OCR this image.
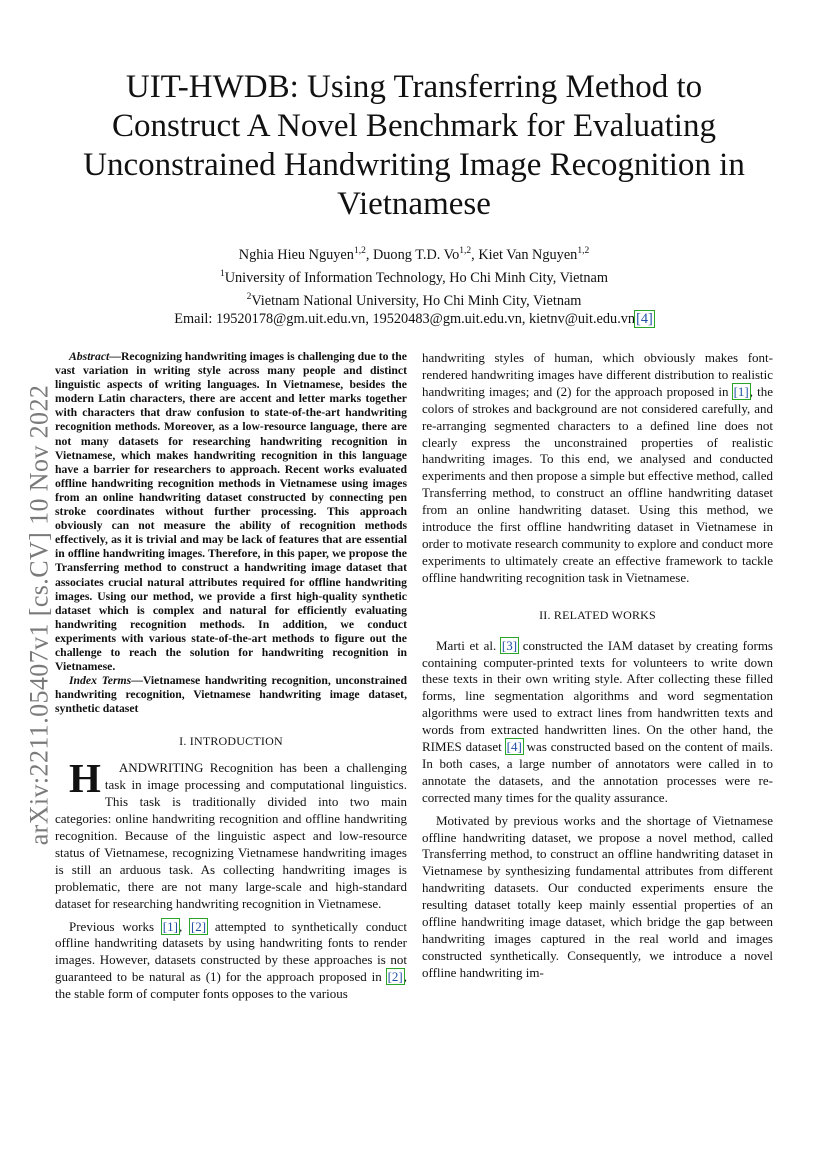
arXiv:2211.05407v1 [cs.CV] 10 Nov 2022
UIT-HWDB: Using Transferring Method to Construct A Novel Benchmark for Evaluating Unconstrained Handwriting Image Recognition in Vietnamese
Nghia Hieu Nguyen$^{1,2}$, Duong T.D. Vo$^{1,2}$, Kiet Van Nguyen$^{1,2}$
$^1$University of Information Technology, Ho Chi Minh City, Vietnam
$^2$Vietnam National University, Ho Chi Minh City, Vietnam
Email: 19520178@gm.uit.edu.vn, 19520483@gm.uit.edu.vn, kietnv@uit.edu.vn[4]

Abstract—Recognizing handwriting images is challenging due to the vast variation in writing style across many people and distinct linguistic aspects of writing languages. In Vietnamese, besides the modern Latin characters, there are accent and letter marks together with characters that draw confusion to state-of-the-art handwriting recognition methods. Moreover, as a low-resource language, there are not many datasets for researching handwriting recognition in Vietnamese, which makes handwriting recognition in this language have a barrier for researchers to approach. Recent works evaluated offline handwriting recognition methods in Vietnamese using images from an online handwriting dataset constructed by connecting pen stroke coordinates without further processing. This approach obviously can not measure the ability of recognition methods effectively, as it is trivial and may be lack of features that are essential in offline handwriting images. Therefore, in this paper, we propose the Transferring method to construct a handwriting image dataset that associates crucial natural attributes required for offline handwriting images. Using our method, we provide a first high-quality synthetic dataset which is complex and natural for efficiently evaluating handwriting recognition methods. In addition, we conduct experiments with various state-of-the-art methods to figure out the challenge to reach the solution for handwriting recognition in Vietnamese.

Index Terms—Vietnamese handwriting recognition, unconstrained handwriting recognition, Vietnamese handwriting image dataset, synthetic dataset

I. INTRODUCTION

H ANDWRITING Recognition has been a challenging task in image processing and computational linguistics. This task is traditionally divided into two main categories: online handwriting recognition and offline handwriting recognition. Because of the linguistic aspect and low-resource status of Vietnamese, recognizing Vietnamese handwriting images is still an arduous task. As collecting handwriting images is problematic, there are not many large-scale and high-standard dataset for researching handwriting recognition in Vietnamese.

Previous works [1], [2] attempted to synthetically conduct offline handwriting datasets by using handwriting fonts to render images. However, datasets constructed by these approaches is not guaranteed to be natural as (1) for the approach proposed in [2], the stable form of computer fonts opposes to the various

handwriting styles of human, which obviously makes font-rendered handwriting images have different distribution to realistic handwriting images; and (2) for the approach proposed in [1], the colors of strokes and background are not considered carefully, and re-arranging segmented characters to a defined line does not clearly express the unconstrained properties of realistic handwriting images. To this end, we analysed and conducted experiments and then propose a simple but effective method, called Transferring method, to construct an offline handwriting dataset from an online handwriting dataset. Using this method, we introduce the first offline handwriting dataset in Vietnamese in order to motivate research community to explore and conduct more experiments to ultimately create an effective framework to tackle offline handwriting recognition task in Vietnamese.

II. RELATED WORKS

Marti et al. [3] constructed the IAM dataset by creating forms containing computer-printed texts for volunteers to write down these texts in their own writing style. After collecting these filled forms, line segmentation algorithms and word segmentation algorithms were used to extract lines from handwritten texts and words from extracted handwritten lines. On the other hand, the RIMES dataset [4] was constructed based on the content of mails. In both cases, a large number of annotators were called in to annotate the datasets, and the annotation processes were re-corrected many times for the quality assurance.

Motivated by previous works and the shortage of Vietnamese offline handwriting dataset, we propose a novel method, called Transferring method, to construct an offline handwriting dataset in Vietnamese by synthesizing fundamental attributes from different handwriting datasets. Our conducted experiments ensure the resulting dataset totally keep mainly essential properties of an offline handwriting image dataset, which bridge the gap between handwriting images captured in the real world and images constructed synthetically. Consequently, we introduce a novel offline handwriting im-
